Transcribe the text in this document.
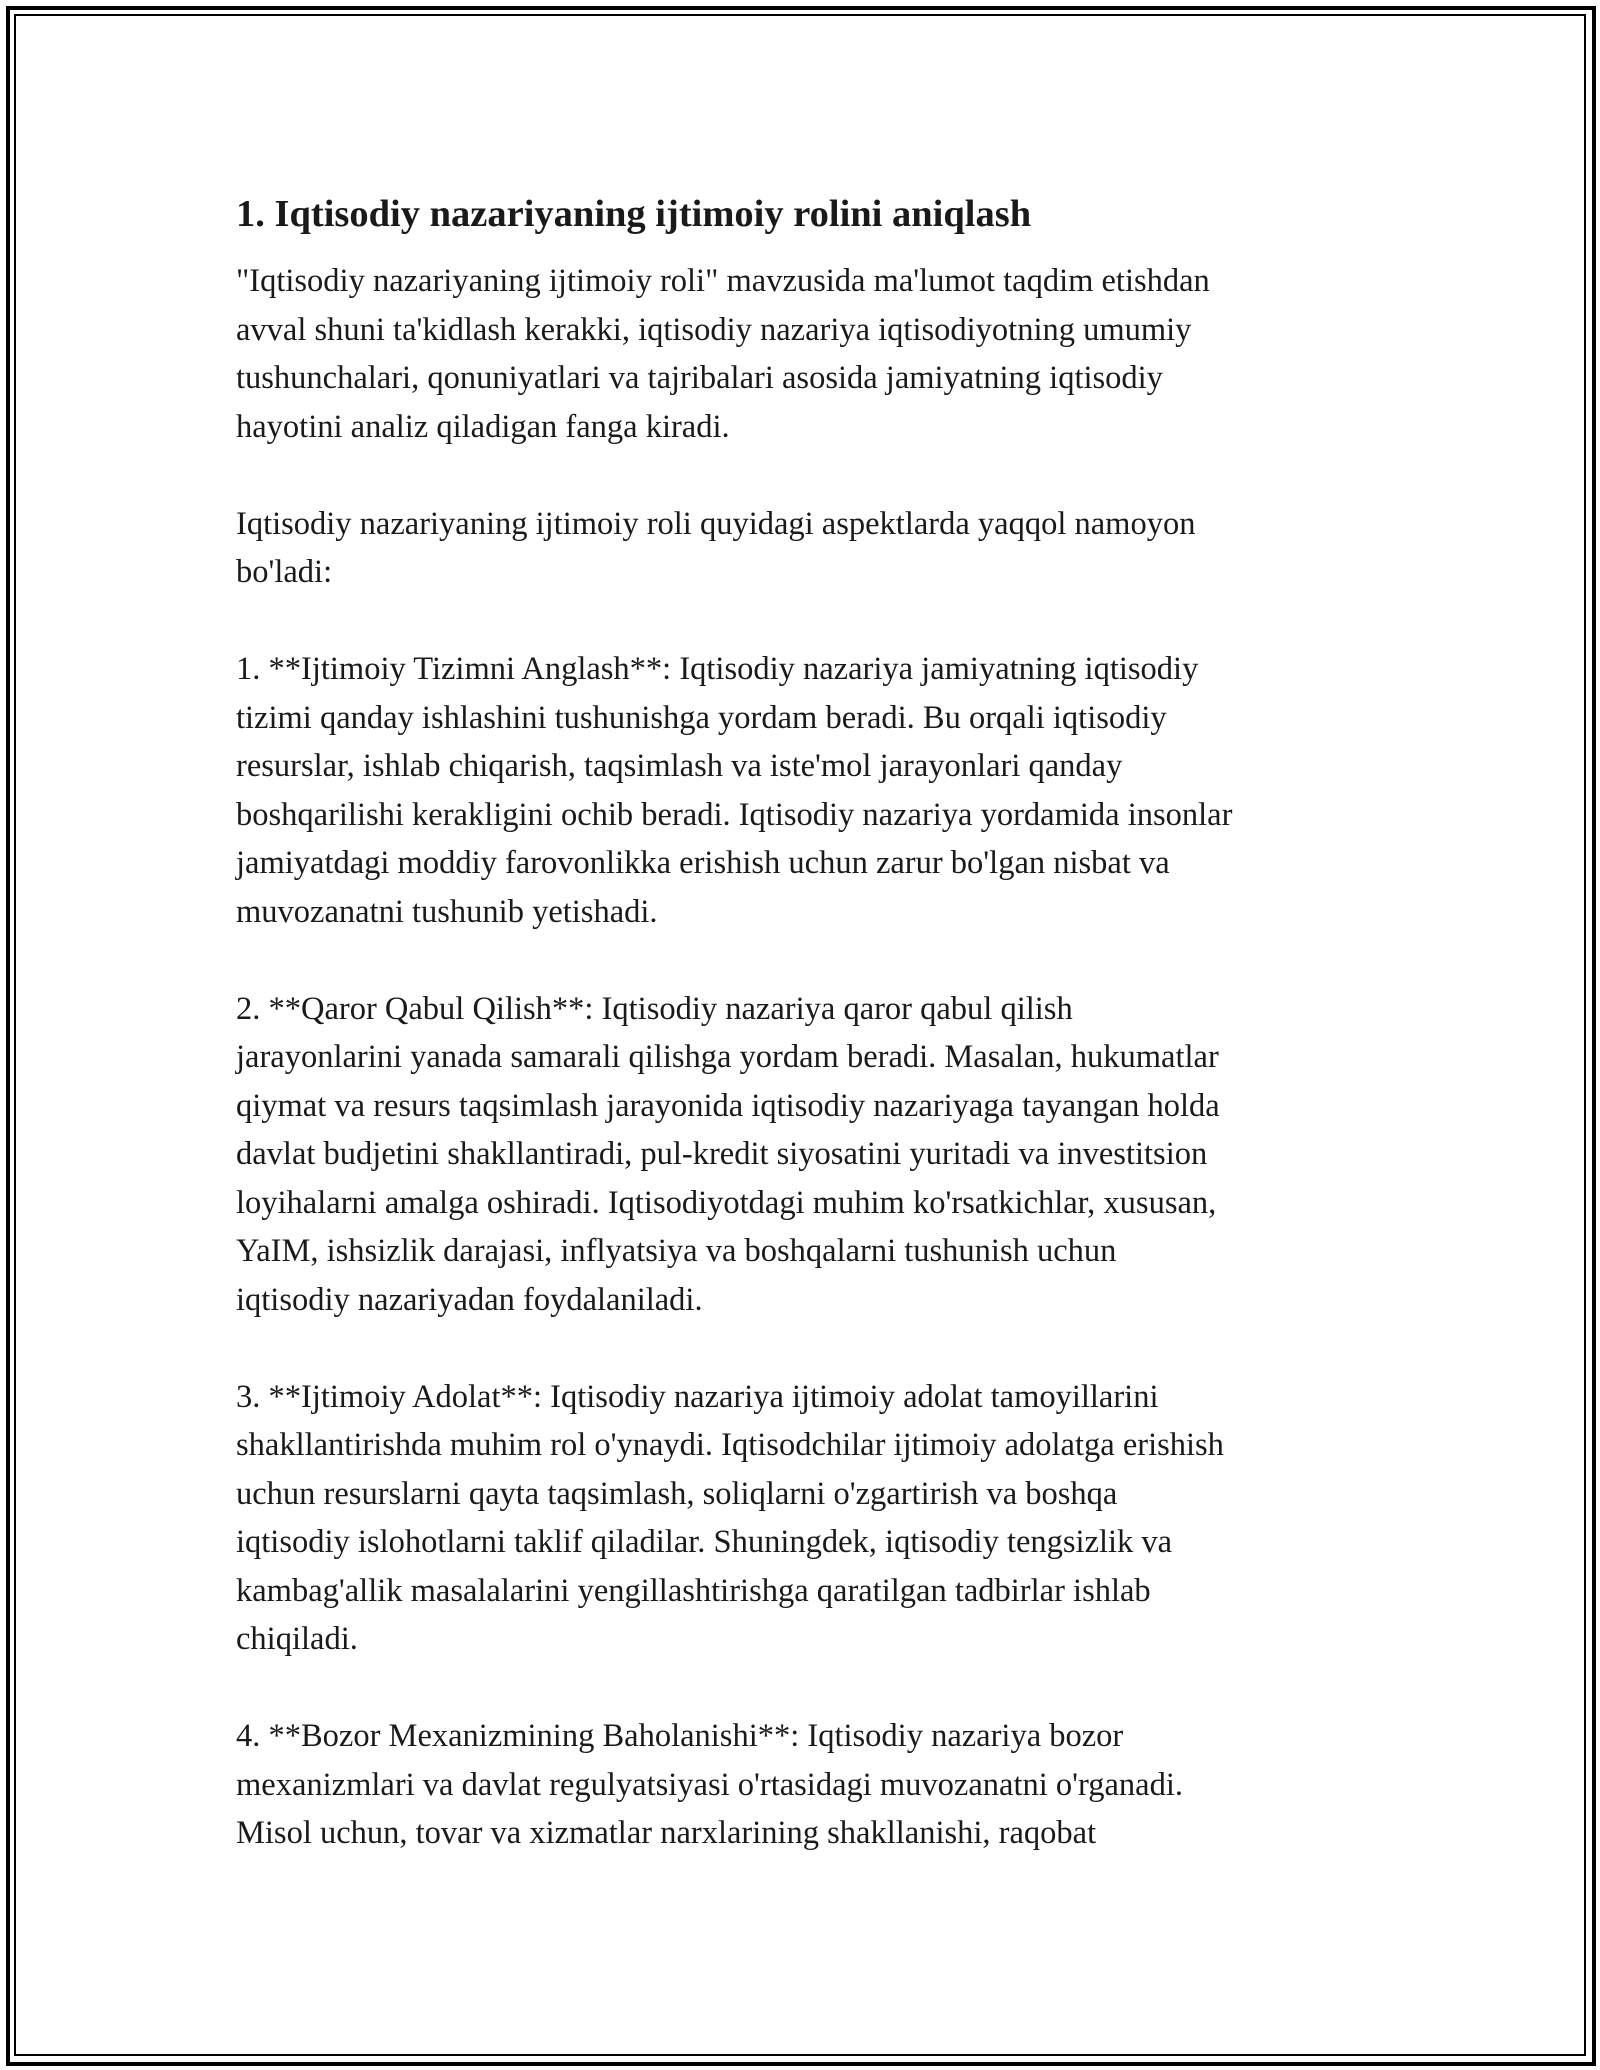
1. Iqtisodiy nazariyaning ijtimoiy rolini aniqlash
"Iqtisodiy nazariyaning ijtimoiy roli" mavzusida ma'lumot taqdim etishdan
avval shuni ta'kidlash kerakki, iqtisodiy nazariya iqtisodiyotning umumiy
tushunchalari, qonuniyatlari va tajribalari asosida jamiyatning iqtisodiy
hayotini analiz qiladigan fanga kiradi.
Iqtisodiy nazariyaning ijtimoiy roli quyidagi aspektlarda yaqqol namoyon
bo'ladi:
1. **Ijtimoiy Tizimni Anglash**: Iqtisodiy nazariya jamiyatning iqtisodiy
tizimi qanday ishlashini tushunishga yordam beradi. Bu orqali iqtisodiy
resurslar, ishlab chiqarish, taqsimlash va iste'mol jarayonlari qanday
boshqarilishi kerakligini ochib beradi. Iqtisodiy nazariya yordamida insonlar
jamiyatdagi moddiy farovonlikka erishish uchun zarur bo'lgan nisbat va
muvozanatni tushunib yetishadi.
2. **Qaror Qabul Qilish**: Iqtisodiy nazariya qaror qabul qilish
jarayonlarini yanada samarali qilishga yordam beradi. Masalan, hukumatlar
qiymat va resurs taqsimlash jarayonida iqtisodiy nazariyaga tayangan holda
davlat budjetini shakllantiradi, pul-kredit siyosatini yuritadi va investitsion
loyihalarni amalga oshiradi. Iqtisodiyotdagi muhim ko'rsatkichlar, xususan,
YaIM, ishsizlik darajasi, inflyatsiya va boshqalarni tushunish uchun
iqtisodiy nazariyadan foydalaniladi.
3. **Ijtimoiy Adolat**: Iqtisodiy nazariya ijtimoiy adolat tamoyillarini
shakllantirishda muhim rol o'ynaydi. Iqtisodchilar ijtimoiy adolatga erishish
uchun resurslarni qayta taqsimlash, soliqlarni o'zgartirish va boshqa
iqtisodiy islohotlarni taklif qiladilar. Shuningdek, iqtisodiy tengsizlik va
kambag'allik masalalarini yengillashtirishga qaratilgan tadbirlar ishlab
chiqiladi.
4. **Bozor Mexanizmining Baholanishi**: Iqtisodiy nazariya bozor
mexanizmlari va davlat regulyatsiyasi o'rtasidagi muvozanatni o'rganadi.
Misol uchun, tovar va xizmatlar narxlarining shakllanishi, raqobat
